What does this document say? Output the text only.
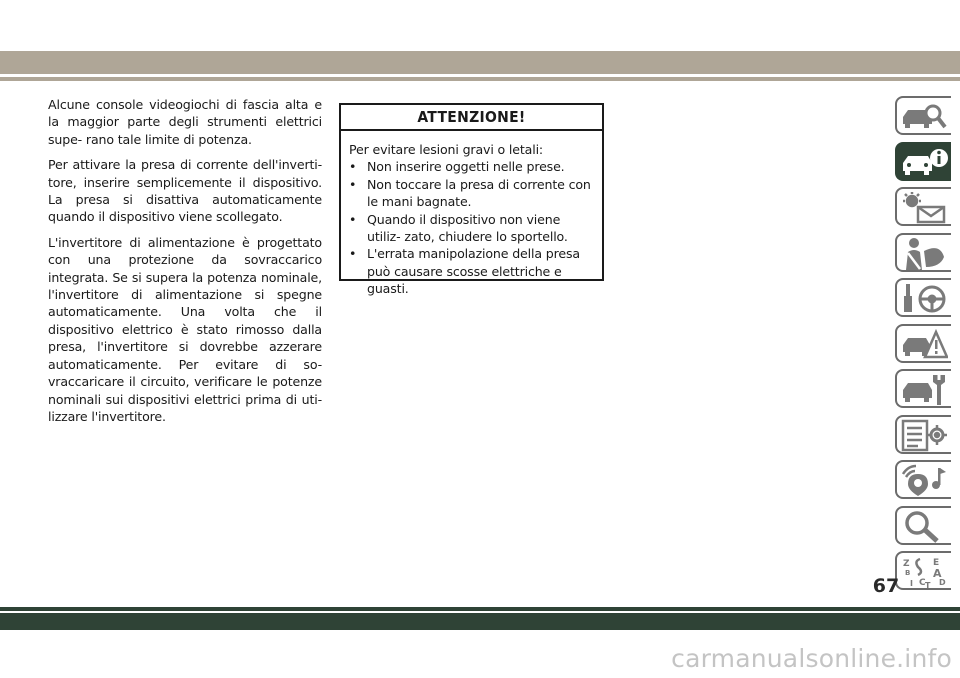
Alcune console videogiochi di fascia alta e la maggior parte degli strumenti elettrici supe- rano tale limite di potenza.

Per attivare la presa di corrente dell'inverti- tore, inserire semplicemente il dispositivo. La presa si disattiva automaticamente quando il dispositivo viene scollegato.

L'invertitore di alimentazione è progettato con una protezione da sovraccarico integrata. Se si supera la potenza nominale, l'invertitore di alimentazione si spegne automaticamente. Una volta che il dispositivo elettrico è stato rimosso dalla presa, l'invertitore si dovrebbe azzerare automaticamente. Per evitare di so- vraccaricare il circuito, verificare le potenze nominali sui dispositivi elettrici prima di uti- lizzare l'invertitore.

ATTENZIONE!

Per evitare lesioni gravi o letali:

• Non inserire oggetti nelle prese.
• Non toccare la presa di corrente con le mani bagnate.
• Quando il dispositivo non viene utiliz- zato, chiudere lo sportello.
• L'errata manipolazione della presa può causare scosse elettriche e guasti.
Z	E
B A
I C T D
67
carmanualsonline.info
